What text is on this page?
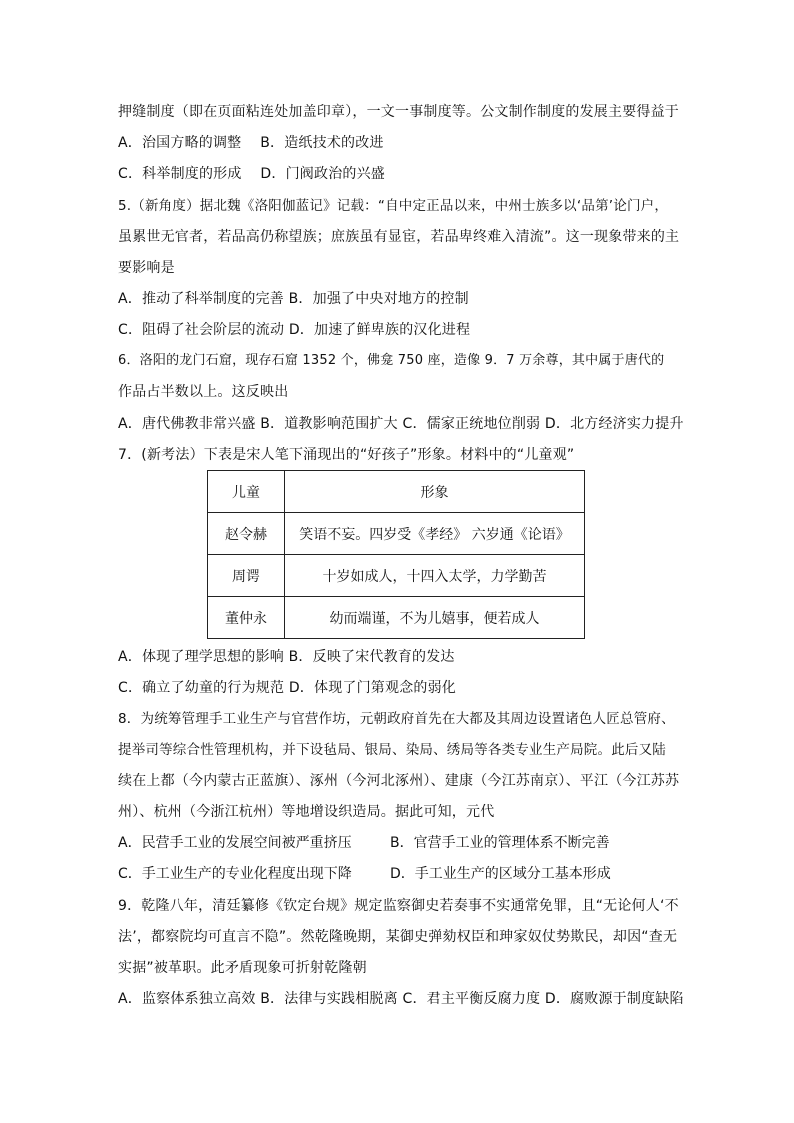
押缝制度（即在页面粘连处加盖印章），一文一事制度等。公文制作制度的发展主要得益于
A．治国方略的调整　 B．造纸技术的改进
C．科举制度的形成　 D．门阀政治的兴盛
5.（新角度）据北魏《洛阳伽蓝记》记载：“自中定正品以来，中州士族多以‘品第’论门户，
虽累世无官者，若品高仍称望族；庶族虽有显宦，若品卑终难入清流”。这一现象带来的主
要影响是
A．推动了科举制度的完善 B．加强了中央对地方的控制
C．阻碍了社会阶层的流动 D．加速了鲜卑族的汉化进程
6．洛阳的龙门石窟，现存石窟 1352 个，佛龛 750 座，造像 9．7 万余尊，其中属于唐代的
作品占半数以上。这反映出
A．唐代佛教非常兴盛 B．道教影响范围扩大 C．儒家正统地位削弱 D．北方经济实力提升
7．(新考法）下表是宋人笔下涌现出的“好孩子”形象。材料中的“儿童观”
儿童	形象
赵令赫	笑语不妄。四岁受《孝经》 六岁通《论语》
周谔	十岁如成人，十四入太学，力学勤苦
董仲永	幼而端谨，不为儿嬉事，便若成人
A．体现了理学思想的影响 B．反映了宋代教育的发达
C．确立了幼童的行为规范 D．体现了门第观念的弱化
8．为统筹管理手工业生产与官营作坊，元朝政府首先在大都及其周边设置诸色人匠总管府、
提举司等综合性管理机构，并下设毡局、银局、染局、绣局等各类专业生产局院。此后又陆
续在上都（今内蒙古正蓝旗）、涿州（今河北涿州）、建康（今江苏南京）、平江（今江苏苏
州）、杭州（今浙江杭州）等地增设织造局。据此可知，元代
A．民营手工业的发展空间被严重挤压	B．官营手工业的管理体系不断完善
C．手工业生产的专业化程度出现下降	D．手工业生产的区域分工基本形成
9．乾隆八年，清廷纂修《钦定台规》规定监察御史若奏事不实通常免罪，且“无论何人‘不
法’，都察院均可直言不隐”。然乾隆晚期，某御史弹劾权臣和珅家奴仗势欺民，却因“查无
实据”被革职。此矛盾现象可折射乾隆朝
A．监察体系独立高效 B．法律与实践相脱离 C．君主平衡反腐力度 D．腐败源于制度缺陷
